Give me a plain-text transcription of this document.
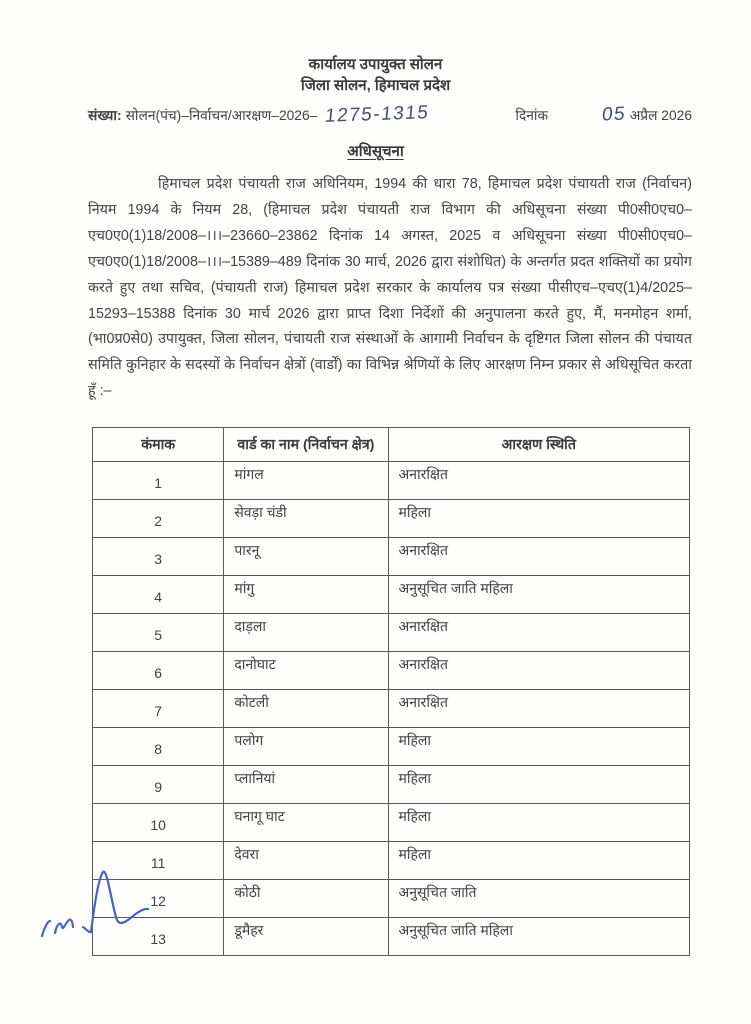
कार्यालय उपायुक्त सोलन
जिला सोलन, हिमाचल प्रदेश
संख्या: सोलन(पंच)–निर्वाचन/आरक्षण–2026– 1275-1315	दिनांक	05 अप्रैल 2026
अधिसूचना

हिमाचल प्रदेश पंचायती राज अधिनियम, 1994 की धारा 78, हिमाचल प्रदेश पंचायती राज (निर्वाचन) नियम 1994 के नियम 28, (हिमाचल प्रदेश पंचायती राज विभाग की अधिसूचना संख्या पी0सी0एच0–एच0ए0(1)18/2008–।।।–23660–23862 दिनांक 14 अगस्त, 2025 व अधिसूचना संख्या पी0सी0एच0–एच0ए0(1)18/2008–।।।–15389–489 दिनांक 30 मार्च, 2026 द्वारा संशोधित) के अन्तर्गत प्रदत शक्तियों का प्रयोग करते हुए तथा सचिव, (पंचायती राज) हिमाचल प्रदेश सरकार के कार्यालय पत्र संख्या पीसीएच–एचए(1)4/2025–15293–15388 दिनांक 30 मार्च 2026 द्वारा प्राप्त दिशा निर्देशों की अनुपालना करते हुए, मैं, मनमोहन शर्मा, (भा0प्र0से0) उपायुक्त, जिला सोलन, पंचायती राज संस्थाओं के आगामी निर्वाचन के दृष्टिगत जिला सोलन की पंचायत समिति कुनिहार के सदस्यों के निर्वाचन क्षेत्रों (वार्डों) का विभिन्न श्रेणियों के लिए आरक्षण निम्न प्रकार से अधिसूचित करता हूँ :–

कंमाक	वार्ड का नाम (निर्वाचन क्षेत्र)	आरक्षण स्थिति
1	मांगल	अनारक्षित
2	सेवड़ा चंडी	महिला
3	पारनू	अनारक्षित
4	मांगु	अनुसूचित जाति महिला
5	दाड़ला	अनारक्षित
6	दानोघाट	अनारक्षित
7	कोटली	अनारक्षित
8	पलोग	महिला
9	प्लानियां	महिला
10	घनागू घाट	महिला
11	देवरा	महिला
12	कोठी	अनुसूचित जाति
13	डूमैहर	अनुसूचित जाति महिला
